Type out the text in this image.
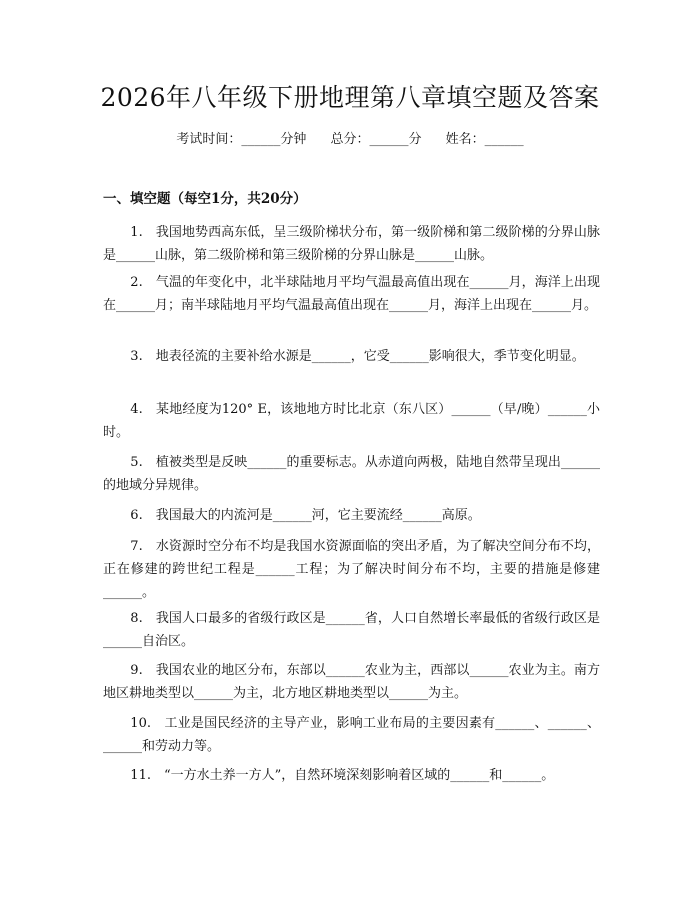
2026年八年级下册地理第八章填空题及答案
考试时间：______分钟 总分：______分 姓名：______
一、填空题（每空1分，共20分）

1.　我国地势西高东低，呈三级阶梯状分布，第一级阶梯和第二级阶梯的分界山脉是______山脉，第二级阶梯和第三级阶梯的分界山脉是______山脉。

2.　气温的年变化中，北半球陆地月平均气温最高值出现在______月，海洋上出现在______月；南半球陆地月平均气温最高值出现在______月，海洋上出现在______月。

3.　地表径流的主要补给水源是______，它受______影响很大，季节变化明显。

4.　某地经度为120° E，该地地方时比北京（东八区）______（早/晚）______小时。

5.　植被类型是反映______的重要标志。从赤道向两极，陆地自然带呈现出______的地域分异规律。

6.　我国最大的内流河是______河，它主要流经______高原。

7.　水资源时空分布不均是我国水资源面临的突出矛盾，为了解决空间分布不均，正在修建的跨世纪工程是______工程；为了解决时间分布不均，主要的措施是修建______。

8.　我国人口最多的省级行政区是______省，人口自然增长率最低的省级行政区是______自治区。

9.　我国农业的地区分布，东部以______农业为主，西部以______农业为主。南方地区耕地类型以______为主，北方地区耕地类型以______为主。

10.　工业是国民经济的主导产业，影响工业布局的主要因素有______、______、______和劳动力等。

11.　“一方水土养一方人”，自然环境深刻影响着区域的______和______。
